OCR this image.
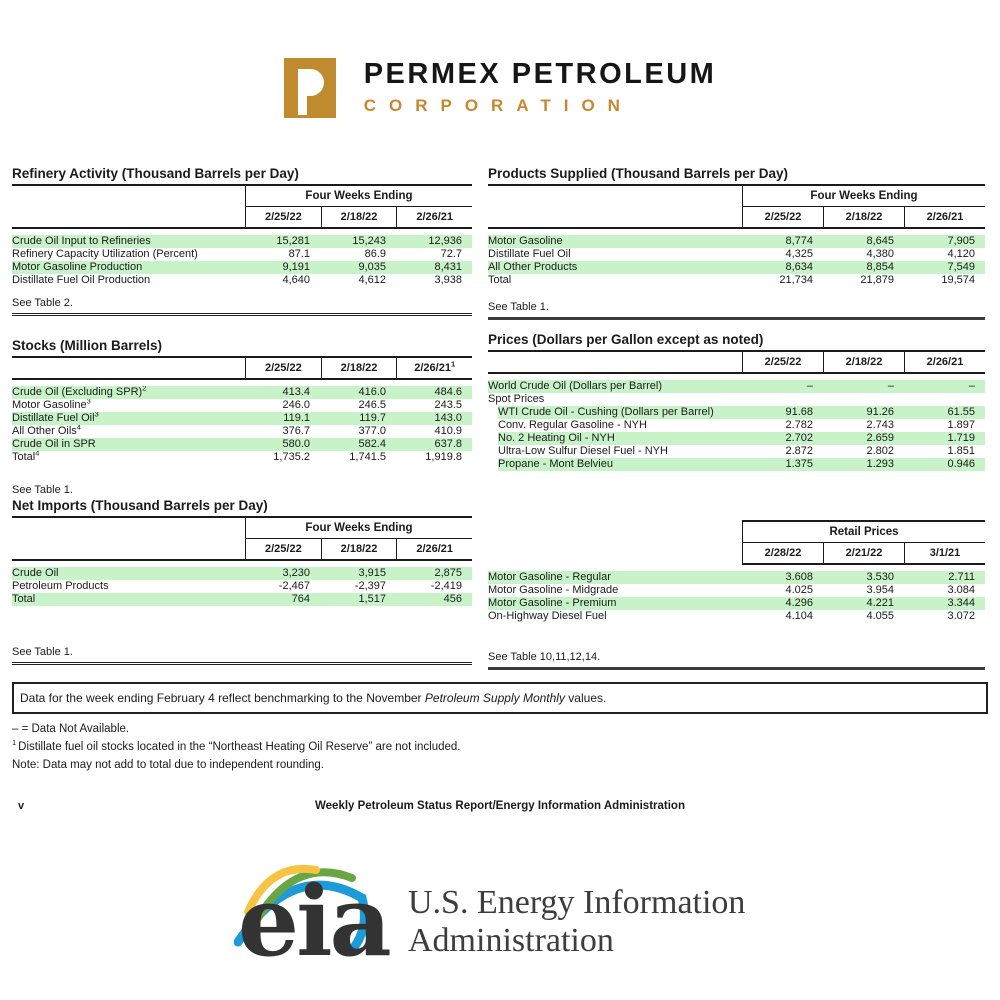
PERMEX PETROLEUM
CORPORATION
Refinery Activity (Thousand Barrels per Day)
Four Weeks Ending
2/25/22	2/18/22	2/26/21
Crude Oil Input to Refineries	15,281	15,243	12,936
Refinery Capacity Utilization (Percent)	87.1	86.9	72.7
Motor Gasoline Production	9,191	9,035	8,431
Distillate Fuel Oil Production	4,640	4,612	3,938
See Table 2.
Products Supplied (Thousand Barrels per Day)
Four Weeks Ending
2/25/22	2/18/22	2/26/21
Motor Gasoline	8,774	8,645	7,905
Distillate Fuel Oil	4,325	4,380	4,120
All Other Products	8,634	8,854	7,549
Total	21,734	21,879	19,574
See Table 1.
Stocks (Million Barrels)
2/25/22	2/18/22	$2/26/21^1$
Crude Oil (Excluding SPR)$^2$	413.4	416.0	484.6
Motor Gasoline$^3$	246.0	246.5	243.5
Distillate Fuel Oil$^3$	119.1	119.7	143.0
All Other Oils$^4$	376.7	377.0	410.9
Crude Oil in SPR	580.0	582.4	637.8
Total$^4$	1,735.2	1,741.5	1,919.8
See Table 1.
Prices (Dollars per Gallon except as noted)
2/25/22	2/18/22	2/26/21
World Crude Oil (Dollars per Barrel)	–	–	–
Spot Prices
WTI Crude Oil - Cushing (Dollars per Barrel)	91.68	91.26	61.55
Conv. Regular Gasoline - NYH	2.782	2.743	1.897
No. 2 Heating Oil - NYH	2.702	2.659	1.719
Ultra-Low Sulfur Diesel Fuel - NYH	2.872	2.802	1.851
Propane - Mont Belvieu	1.375	1.293	0.946
Net Imports (Thousand Barrels per Day)
Four Weeks Ending
2/25/22	2/18/22	2/26/21
Crude Oil	3,230	3,915	2,875
Petroleum Products	-2,467	-2,397	-2,419
Total	764	1,517	456
See Table 1.
Retail Prices
2/28/22	2/21/22	3/1/21
Motor Gasoline - Regular	3.608	3.530	2.711
Motor Gasoline - Midgrade	4.025	3.954	3.084
Motor Gasoline - Premium	4.296	4.221	3.344
On-Highway Diesel Fuel	4.104	4.055	3.072
See Table 10,11,12,14.
Data for the week ending February 4 reflect benchmarking to the November Petroleum Supply Monthly values.
– = Data Not Available.
$^1$ Distillate fuel oil stocks located in the “Northeast Heating Oil Reserve” are not included.
Note: Data may not add to total due to independent rounding.
v	Weekly Petroleum Status Report/Energy Information Administration
eia U.S. Energy Information
Administration
